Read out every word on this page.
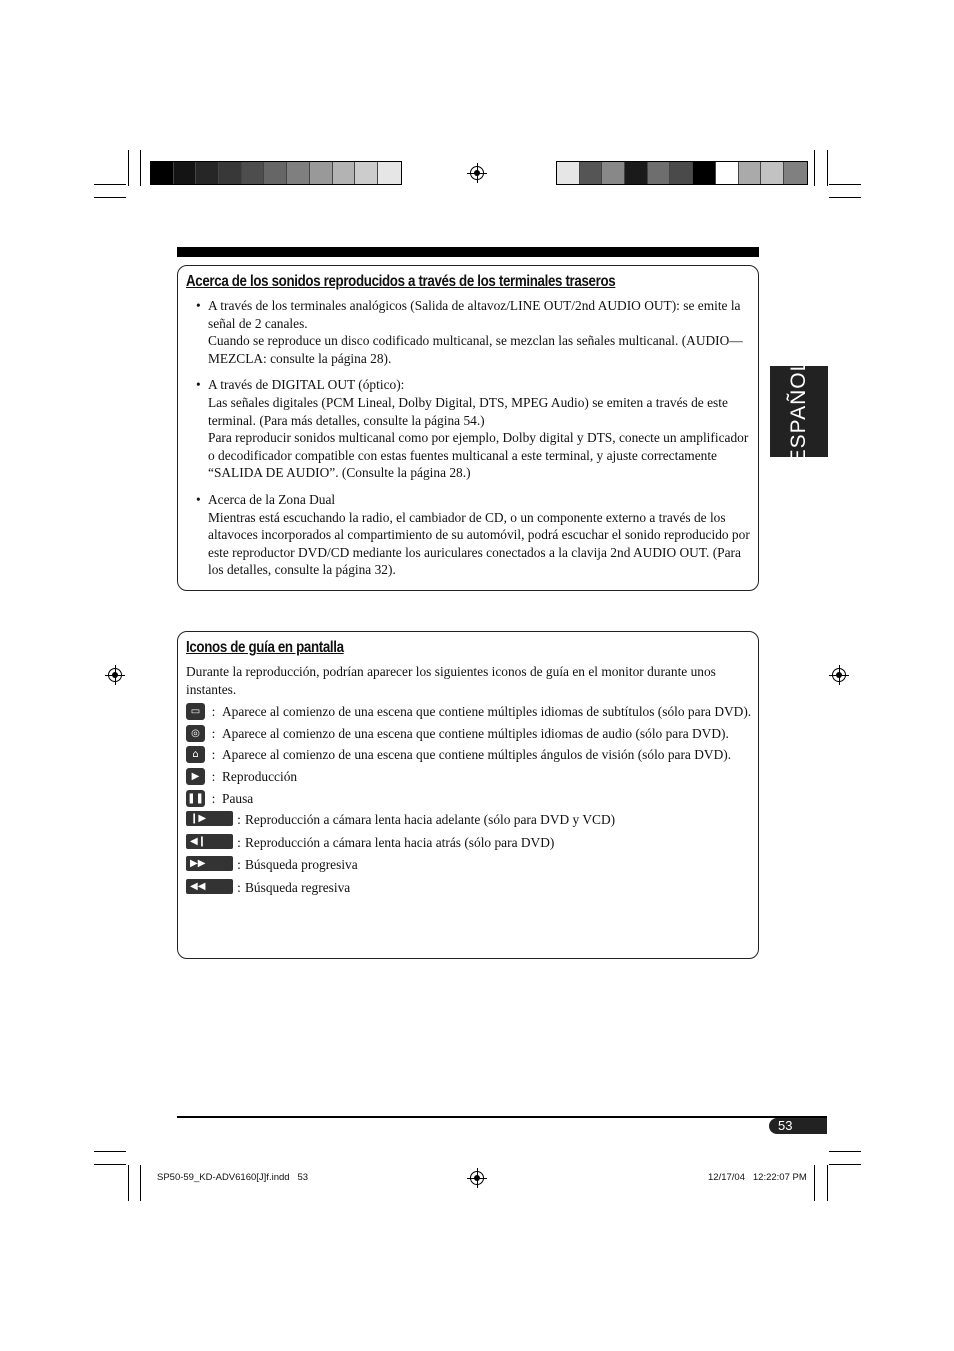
ESPAÑOL
Acerca de los sonidos reproducidos a través de los terminales traseros
• A través de los terminales analógicos (Salida de altavoz/LINE OUT/2nd AUDIO OUT): se emite la señal de 2 canales.
Cuando se reproduce un disco codificado multicanal, se mezclan las señales multicanal. (AUDIO—MEZCLA: consulte la página 28).
• A través de DIGITAL OUT (óptico):
Las señales digitales (PCM Lineal, Dolby Digital, DTS, MPEG Audio) se emiten a través de este terminal. (Para más detalles, consulte la página 54.)
Para reproducir sonidos multicanal como por ejemplo, Dolby digital y DTS, conecte un amplificador o decodificador compatible con estas fuentes multicanal a este terminal, y ajuste correctamente “SALIDA DE AUDIO”. (Consulte la página 28.)
• Acerca de la Zona Dual
Mientras está escuchando la radio, el cambiador de CD, o un componente externo a través de los altavoces incorporados al compartimiento de su automóvil, podrá escuchar el sonido reproducido por este reproductor DVD/CD mediante los auriculares conectados a la clavija 2nd AUDIO OUT. (Para los detalles, consulte la página 32).
Iconos de guía en pantalla
Durante la reproducción, podrían aparecer los siguientes iconos de guía en el monitor durante unos instantes.
▭ : Aparece al comienzo de una escena que contiene múltiples idiomas de subtítulos (sólo para DVD).
◎ : Aparece al comienzo de una escena que contiene múltiples idiomas de audio (sólo para DVD).
⌂ : Aparece al comienzo de una escena que contiene múltiples ángulos de visión (sólo para DVD).
▶ : Reproducción
❚❚ : Pausa
❙▶	: Reproducción a cámara lenta hacia adelante (sólo para DVD y VCD)
◀❙	: Reproducción a cámara lenta hacia atrás (sólo para DVD)
▶▶	: Búsqueda progresiva
◀◀	: Búsqueda regresiva
53
SP50-59_KD-ADV6160[J]f.indd   53	12/17/04   12:22:07 PM
